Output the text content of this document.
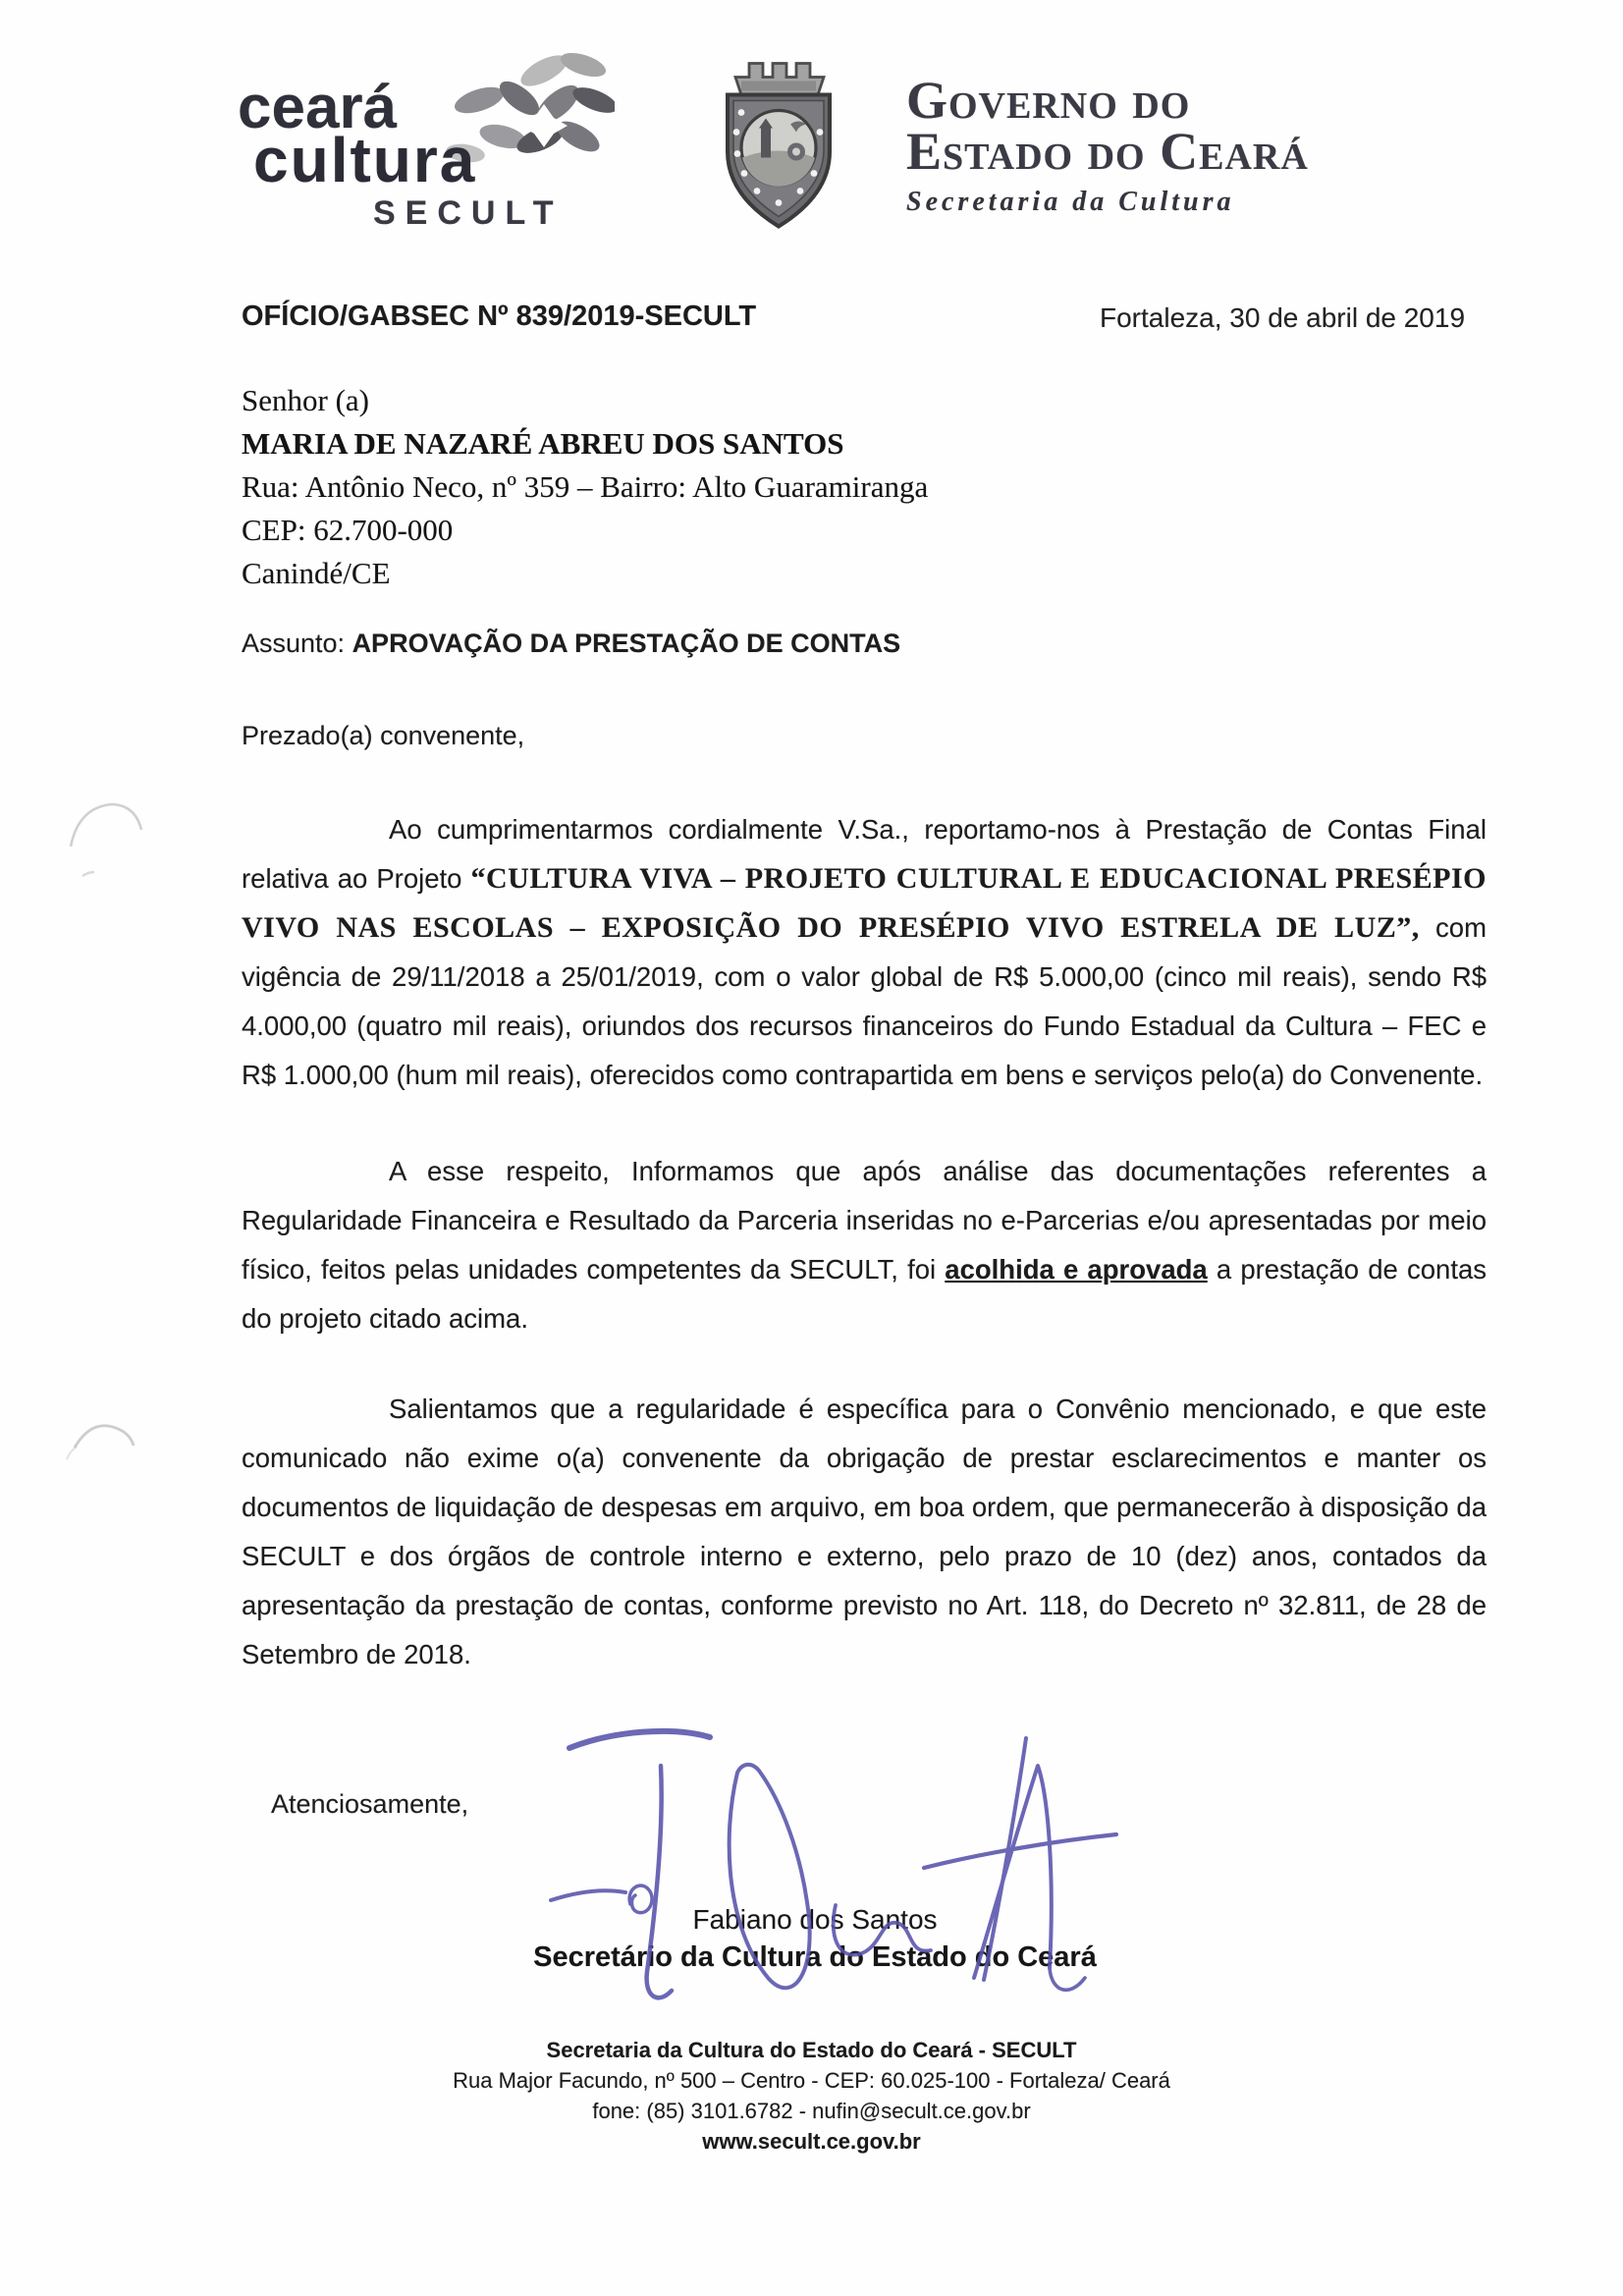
ceará
cultura
SECULT
Governo do
Estado do Ceará
Secretaria da Cultura
OFÍCIO/GABSEC Nº 839/2019-SECULT	Fortaleza, 30 de abril de 2019
Senhor (a)
MARIA DE NAZARÉ ABREU DOS SANTOS
Rua: Antônio Neco, nº 359 – Bairro: Alto Guaramiranga
CEP: 62.700-000
Canindé/CE
Assunto: APROVAÇÃO DA PRESTAÇÃO DE CONTAS
Prezado(a) convenente,

Ao cumprimentarmos cordialmente V.Sa., reportamo-nos à Prestação de Contas Final relativa ao Projeto “CULTURA VIVA – PROJETO CULTURAL E EDUCACIONAL PRESÉPIO VIVO NAS ESCOLAS – EXPOSIÇÃO DO PRESÉPIO VIVO ESTRELA DE LUZ”, com vigência de 29/11/2018 a 25/01/2019, com o valor global de R$ 5.000,00 (cinco mil reais), sendo R$ 4.000,00 (quatro mil reais), oriundos dos recursos financeiros do Fundo Estadual da Cultura – FEC e R$ 1.000,00 (hum mil reais), oferecidos como contrapartida em bens e serviços pelo(a) do Convenente.

A esse respeito, Informamos que após análise das documentações referentes a Regularidade Financeira e Resultado da Parceria inseridas no e-Parcerias e/ou apresentadas por meio físico, feitos pelas unidades competentes da SECULT, foi acolhida e aprovada a prestação de contas do projeto citado acima.

Salientamos que a regularidade é específica para o Convênio mencionado, e que este comunicado não exime o(a) convenente da obrigação de prestar esclarecimentos e manter os documentos de liquidação de despesas em arquivo, em boa ordem, que permanecerão à disposição da SECULT e dos órgãos de controle interno e externo, pelo prazo de 10 (dez) anos, contados da apresentação da prestação de contas, conforme previsto no Art. 118, do Decreto nº 32.811, de 28 de Setembro de 2018.

Atenciosamente,
Fabiano dos Santos
Secretário da Cultura do Estado do Ceará
Secretaria da Cultura do Estado do Ceará - SECULT
Rua Major Facundo, nº 500 – Centro - CEP: 60.025-100 - Fortaleza/ Ceará
fone: (85) 3101.6782 - nufin@secult.ce.gov.br
www.secult.ce.gov.br
